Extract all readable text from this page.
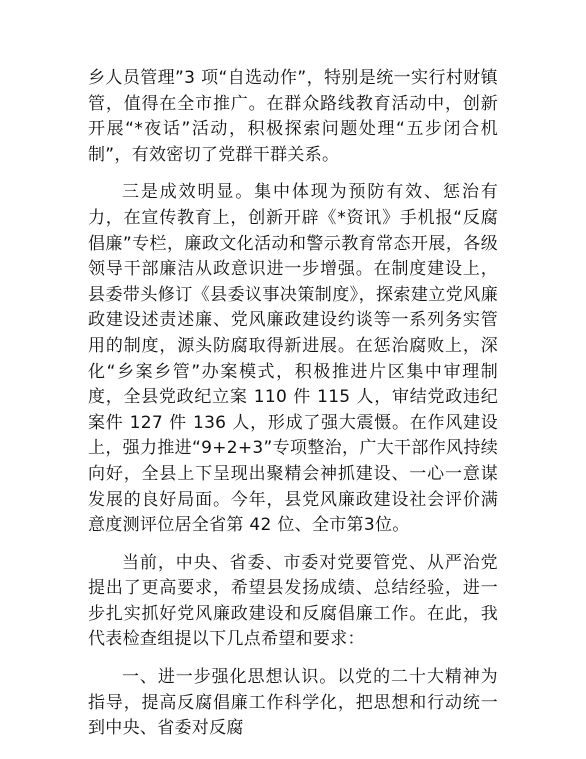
乡人员管理”3 项“自选动作”，特别是统一实行村财镇管，值得在全市推广。在群众路线教育活动中，创新开展“*夜话”活动，积极探索问题处理“五步闭合机制”，有效密切了党群干群关系。

三是成效明显。集中体现为预防有效、惩治有力，在宣传教育上，创新开辟《*资讯》手机报“反腐倡廉”专栏，廉政文化活动和警示教育常态开展，各级领导干部廉洁从政意识进一步增强。在制度建设上，县委带头修订《县委议事决策制度》，探索建立党风廉政建设述责述廉、党风廉政建设约谈等一系列务实管用的制度，源头防腐取得新进展。在惩治腐败上，深化“乡案乡管”办案模式，积极推进片区集中审理制度，全县党政纪立案 110 件 115 人，审结党政违纪案件 127 件 136 人，形成了强大震慑。在作风建设上，强力推进“9+2+3”专项整治，广大干部作风持续向好，全县上下呈现出聚精会神抓建设、一心一意谋发展的良好局面。今年，县党风廉政建设社会评价满意度测评位居全省第 42 位、全市第3位。

当前，中央、省委、市委对党要管党、从严治党提出了更高要求，希望县发扬成绩、总结经验，进一步扎实抓好党风廉政建设和反腐倡廉工作。在此，我代表检查组提以下几点希望和要求：

一、进一步强化思想认识。以党的二十大精神为指导，提高反腐倡廉工作科学化，把思想和行动统一到中央、省委对反腐
